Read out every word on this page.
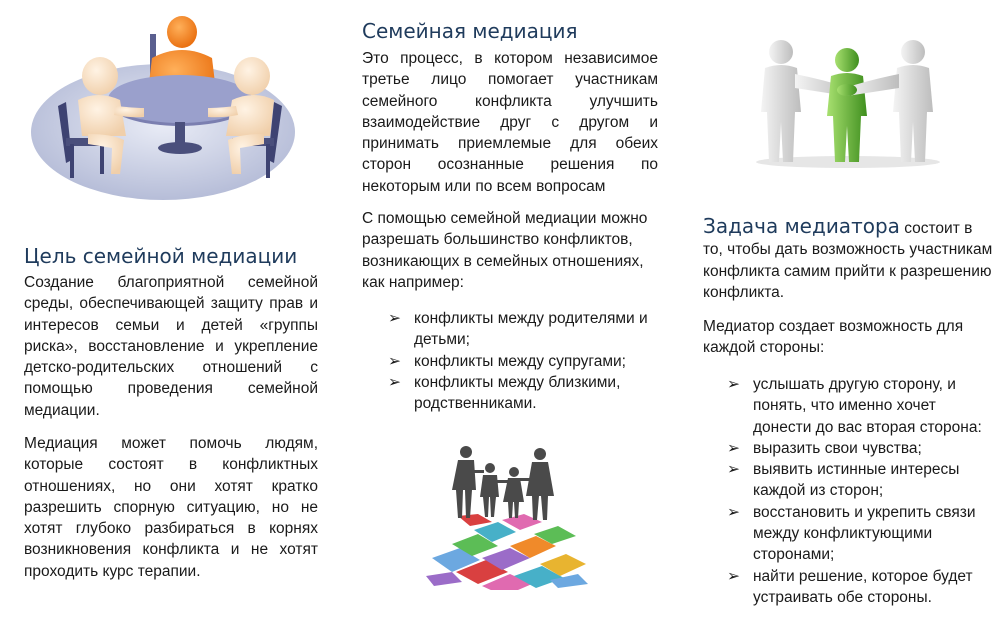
Цель семейной медиации

Создание благоприятной семейной среды, обеспечивающей защиту прав и интересов семьи и детей «группы риска», восстановление и укрепление детско-родительских отношений с помощью проведения семейной медиации.

Медиация может помочь людям, которые состоят в конфликтных отношениях, но они хотят кратко разрешить спорную ситуацию, но не хотят глубоко разбираться в корнях возникновения конфликта и не хотят проходить курс терапии.

Семейная медиация

Это процесс, в котором независимое третье лицо помогает участникам семейного конфликта улучшить взаимодействие друг с другом и принимать приемлемые для обеих сторон осознанные решения по некоторым или по всем вопросам

С помощью семейной медиации можно разрешать большинство конфликтов, возникающих в семейных отношениях, как например:

➢ конфликты между родителями и детьми;
➢ конфликты между супругами;
➢ конфликты между близкими, родственниками.
Задача медиатора состоит в то, чтобы дать возможность участникам конфликта самим прийти к разрешению конфликта.

Медиатор создает возможность для каждой стороны:

➢ услышать другую сторону, и понять, что именно хочет донести до вас вторая сторона:
➢ выразить свои чувства;
➢ выявить истинные интересы каждой из сторон;
➢ восстановить и укрепить связи между конфликтующими сторонами;
➢ найти решение, которое будет устраивать обе стороны.
